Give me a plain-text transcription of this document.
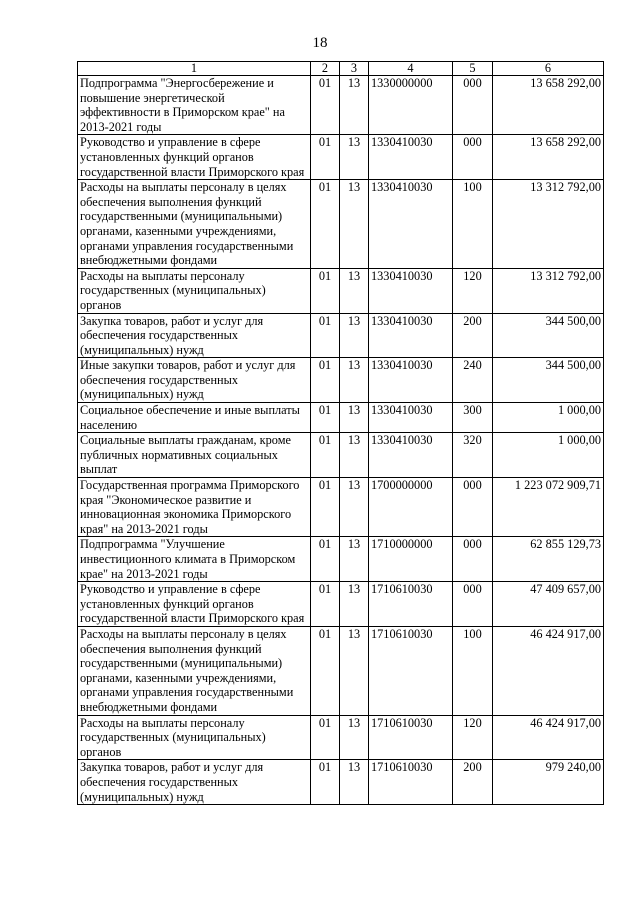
18
1	2	3	4	5	6
Подпрограмма "Энергосбережение и повышение энергетической эффективности в Приморском крае" на 2013-2021 годы	01	13	1330000000	000	13 658 292,00
Руководство и управление в сфере установленных функций органов государственной власти Приморского края	01	13	1330410030	000	13 658 292,00
Расходы на выплаты персоналу в целях обеспечения выполнения функций государственными (муниципальными) органами, казенными учреждениями, органами управления государственными внебюджетными фондами	01	13	1330410030	100	13 312 792,00
Расходы на выплаты персоналу государственных (муниципальных) органов	01	13	1330410030	120	13 312 792,00
Закупка товаров, работ и услуг для обеспечения государственных (муниципальных) нужд	01	13	1330410030	200	344 500,00
Иные закупки товаров, работ и услуг для обеспечения государственных (муниципальных) нужд	01	13	1330410030	240	344 500,00
Социальное обеспечение и иные выплаты населению	01	13	1330410030	300	1 000,00
Социальные выплаты гражданам, кроме публичных нормативных социальных выплат	01	13	1330410030	320	1 000,00
Государственная программа Приморского края "Экономическое развитие и инновационная экономика Приморского края" на 2013-2021 годы	01	13	1700000000	000	1 223 072 909,71
Подпрограмма "Улучшение инвестиционного климата в Приморском крае" на 2013-2021 годы	01	13	1710000000	000	62 855 129,73
Руководство и управление в сфере установленных функций органов государственной власти Приморского края	01	13	1710610030	000	47 409 657,00
Расходы на выплаты персоналу в целях обеспечения выполнения функций государственными (муниципальными) органами, казенными учреждениями, органами управления государственными внебюджетными фондами	01	13	1710610030	100	46 424 917,00
Расходы на выплаты персоналу государственных (муниципальных) органов	01	13	1710610030	120	46 424 917,00
Закупка товаров, работ и услуг для обеспечения государственных (муниципальных) нужд	01	13	1710610030	200	979 240,00
